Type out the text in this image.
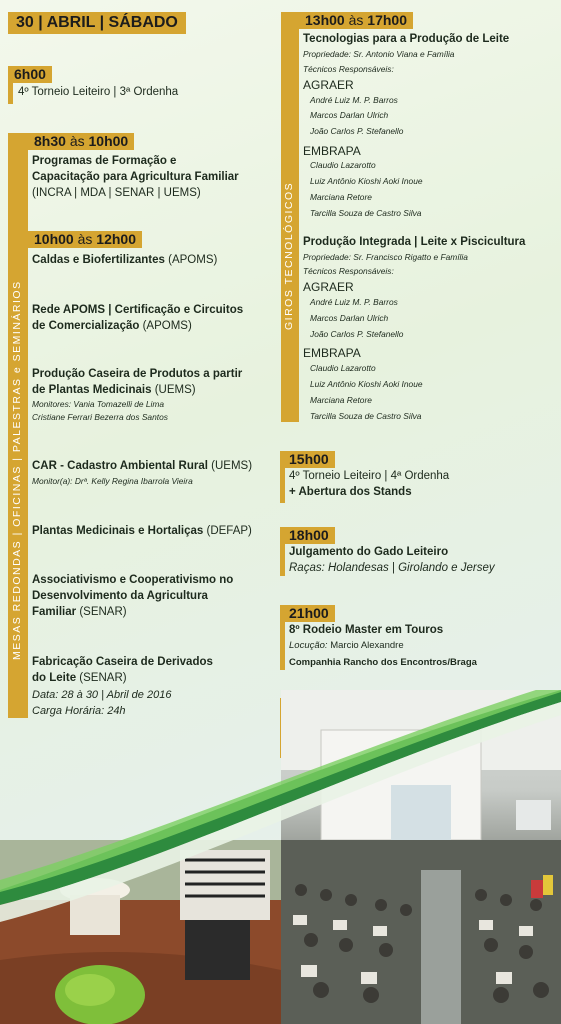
30 | ABRIL | SÁBADO
6h00
4º Torneio Leiteiro | 3ª Ordenha
MESAS REDONDAS | OFICINAS | PALESTRAS e SEMINÁRIOS
8h30 às 10h00
Programas de Formação e
Capacitação para Agricultura Familiar
(INCRA | MDA | SENAR | UEMS)
10h00 às 12h00
Caldas e Biofertilizantes (APOMS)
Rede APOMS | Certificação e Circuitos
de Comercialização (APOMS)
Produção Caseira de Produtos a partir
de Plantas Medicinais (UEMS)
Monitores: Vania Tomazelli de Lima
Cristiane Ferrari Bezerra dos Santos
CAR - Cadastro Ambiental Rural (UEMS)
Monitor(a): Drª. Kelly Regina Ibarrola Vieira
Plantas Medicinais e Hortaliças (DEFAP)
Associativismo e Cooperativismo no
Desenvolvimento da Agricultura
Familiar (SENAR)
Fabricação Caseira de Derivados
do Leite (SENAR)
Data: 28 à 30 | Abril de 2016
Carga Horária: 24h
GIROS TECNOLÓGICOS
13h00 às 17h00
Tecnologias para a Produção de Leite
Propriedade: Sr. Antonio Viana e Família
Técnicos Responsáveis:
AGRAER
André Luiz M. P. Barros
Marcos Darlan Ulrich
João Carlos P. Stefanello
EMBRAPA
Claudio Lazarotto
Luiz Antônio Kioshi Aoki Inoue
Marciana Retore
Tarcilla Souza de Castro Silva
Produção Integrada | Leite x Piscicultura
Propriedade: Sr. Francisco Rigatto e Família
Técnicos Responsáveis:
AGRAER
André Luiz M. P. Barros
Marcos Darlan Ulrich
João Carlos P. Stefanello
EMBRAPA
Claudio Lazarotto
Luiz Antônio Kioshi Aoki Inoue
Marciana Retore
Tarcilla Souza de Castro Silva
15h00
4º Torneio Leiteiro | 4ª Ordenha
+ Abertura dos Stands
18h00
Julgamento do Gado Leiteiro
Raças: Holandesas | Girolando e Jersey
21h00
8º Rodeio Master em Touros
Locução: Marcio Alexandre
Companhia Rancho dos Encontros/Braga
